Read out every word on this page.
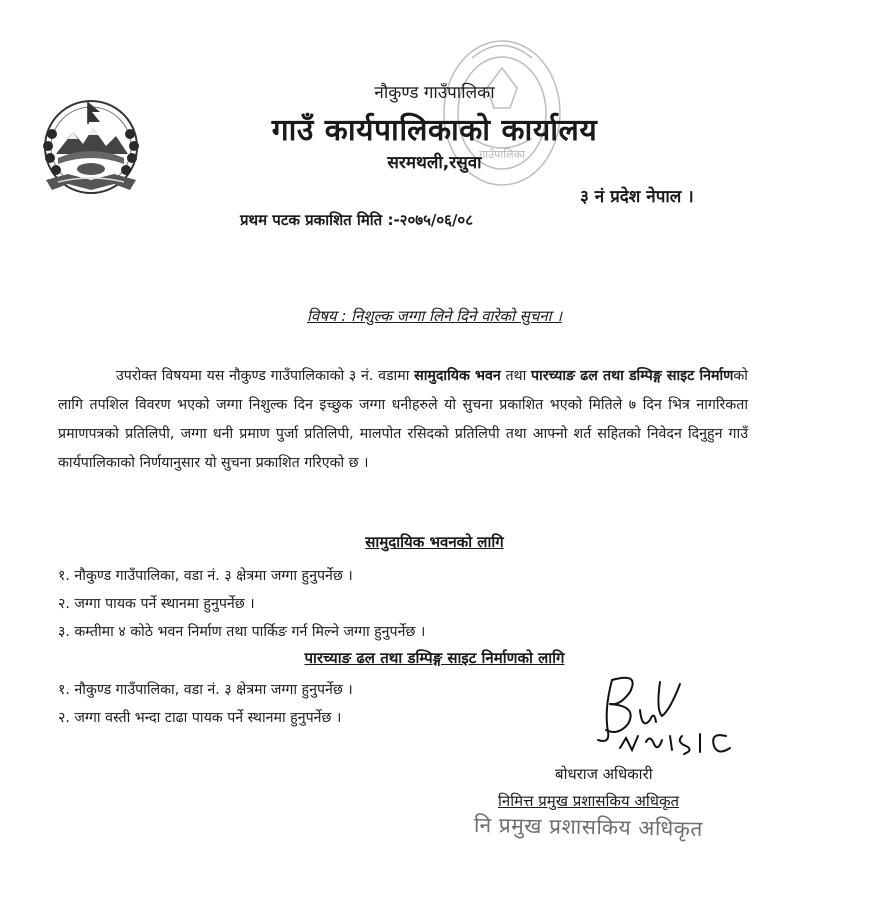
गाउँपालिका
नौकुण्ड गाउँपालिका
गाउँ कार्यपालिकाको कार्यालय
सरमथली,रसुवा
३ नं प्रदेश नेपाल ।
प्रथम पटक प्रकाशित मिति :-२०७५/०६/०८
विषय : निशुल्क जग्गा लिने दिने वारेको सुचना ।
उपरोक्त विषयमा यस नौकुण्ड गाउँपालिकाको ३ नं. वडामा सामुदायिक भवन तथा पारच्याङ ढल तथा डम्पिङ्ग साइट निर्माणको लागि तपशिल विवरण भएको जग्गा निशुल्क दिन इच्छुक जग्गा धनीहरुले यो सुचना प्रकाशित भएको मितिले ७ दिन भित्र नागरिकता प्रमाणपत्रको प्रतिलिपी, जग्गा धनी प्रमाण पुर्जा प्रतिलिपी, मालपोत रसिदको प्रतिलिपी तथा आफ्नो शर्त सहितको निवेदन दिनुहुन गाउँ कार्यपालिकाको निर्णयानुसार यो सुचना प्रकाशित गरिएको छ ।
सामुदायिक भवनको लागि
१. नौकुण्ड गाउँपालिका, वडा नं. ३ क्षेत्रमा जग्गा हुनुपर्नेछ ।
२. जग्गा पायक पर्ने स्थानमा हुनुपर्नेछ ।
३. कम्तीमा ४ कोठे भवन निर्माण तथा पार्किङ गर्न मिल्ने जग्गा हुनुपर्नेछ ।
पारच्याङ ढल तथा डम्पिङ्ग साइट निर्माणको लागि
१. नौकुण्ड गाउँपालिका, वडा नं. ३ क्षेत्रमा जग्गा हुनुपर्नेछ ।
२. जग्गा वस्ती भन्दा टाढा पायक पर्ने स्थानमा हुनुपर्नेछ ।
बोधराज अधिकारी
निमित्त प्रमुख प्रशासकिय अधिकृत
नि प्रमुख प्रशासकिय अधिकृत
